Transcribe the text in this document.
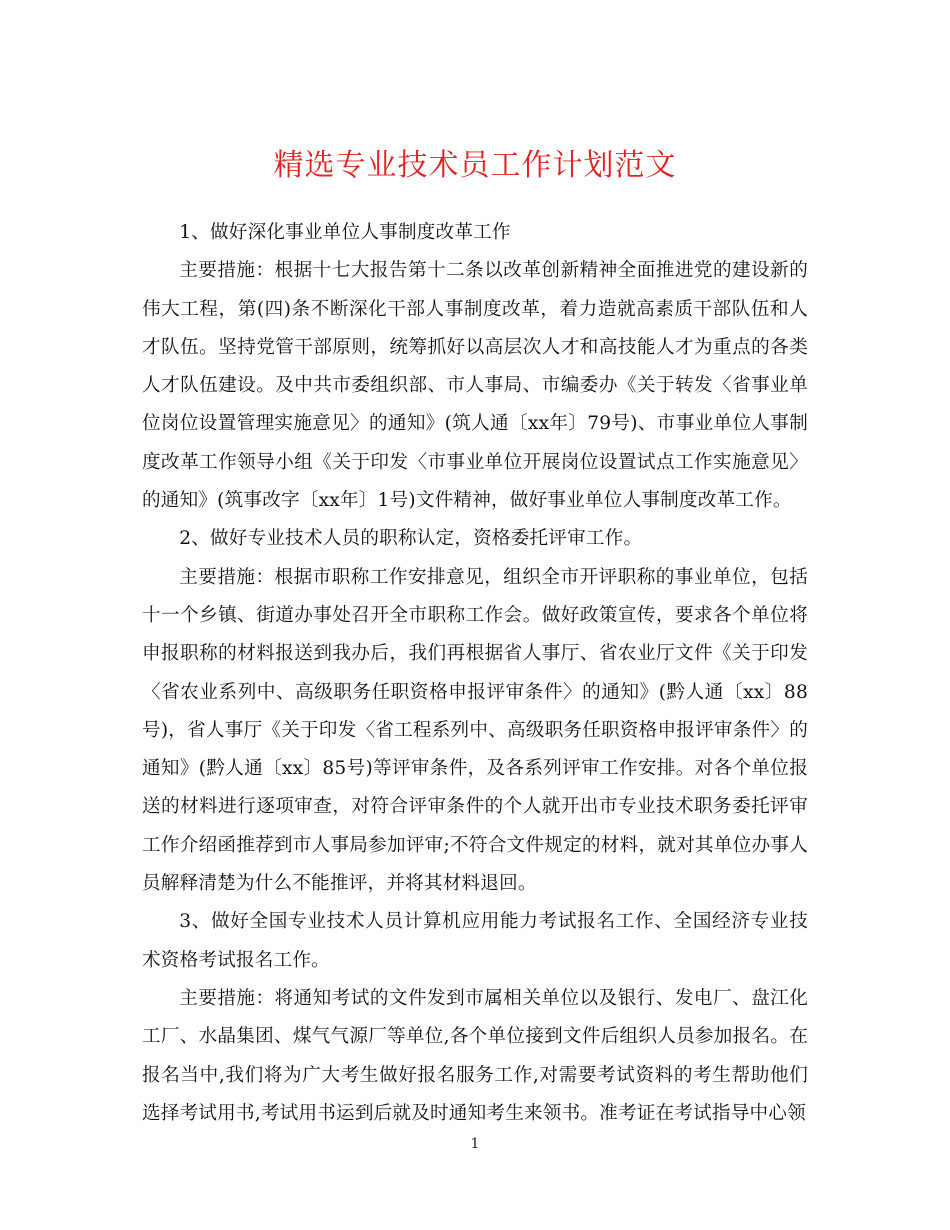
精选专业技术员工作计划范文

1、做好深化事业单位人事制度改革工作

主要措施：根据十七大报告第十二条以改革创新精神全面推进党的建设新的伟大工程，第(四)条不断深化干部人事制度改革，着力造就高素质干部队伍和人才队伍。坚持党管干部原则，统筹抓好以高层次人才和高技能人才为重点的各类人才队伍建设。及中共市委组织部、市人事局、市编委办《关于转发〈省事业单位岗位设置管理实施意见〉的通知》(筑人通〔xx年〕79号)、市事业单位人事制度改革工作领导小组《关于印发〈市事业单位开展岗位设置试点工作实施意见〉的通知》(筑事改字〔xx年〕1号)文件精神，做好事业单位人事制度改革工作。

2、做好专业技术人员的职称认定，资格委托评审工作。

主要措施：根据市职称工作安排意见，组织全市开评职称的事业单位，包括十一个乡镇、街道办事处召开全市职称工作会。做好政策宣传，要求各个单位将申报职称的材料报送到我办后，我们再根据省人事厅、省农业厅文件《关于印发〈省农业系列中、高级职务任职资格申报评审条件〉的通知》(黔人通〔xx〕88号)，省人事厅《关于印发〈省工程系列中、高级职务任职资格申报评审条件〉的通知》(黔人通〔xx〕85号)等评审条件，及各系列评审工作安排。对各个单位报送的材料进行逐项审查，对符合评审条件的个人就开出市专业技术职务委托评审工作介绍函推荐到市人事局参加评审;不符合文件规定的材料，就对其单位办事人员解释清楚为什么不能推评，并将其材料退回。

3、做好全国专业技术人员计算机应用能力考试报名工作、全国经济专业技术资格考试报名工作。

主要措施：将通知考试的文件发到市属相关单位以及银行、发电厂、盘江化工厂、水晶集团、煤气气源厂等单位,各个单位接到文件后组织人员参加报名。在报名当中,我们将为广大考生做好报名服务工作,对需要考试资料的考生帮助他们选择考试用书,考试用书运到后就及时通知考生来领书。准考证在考试指导中心领

1
